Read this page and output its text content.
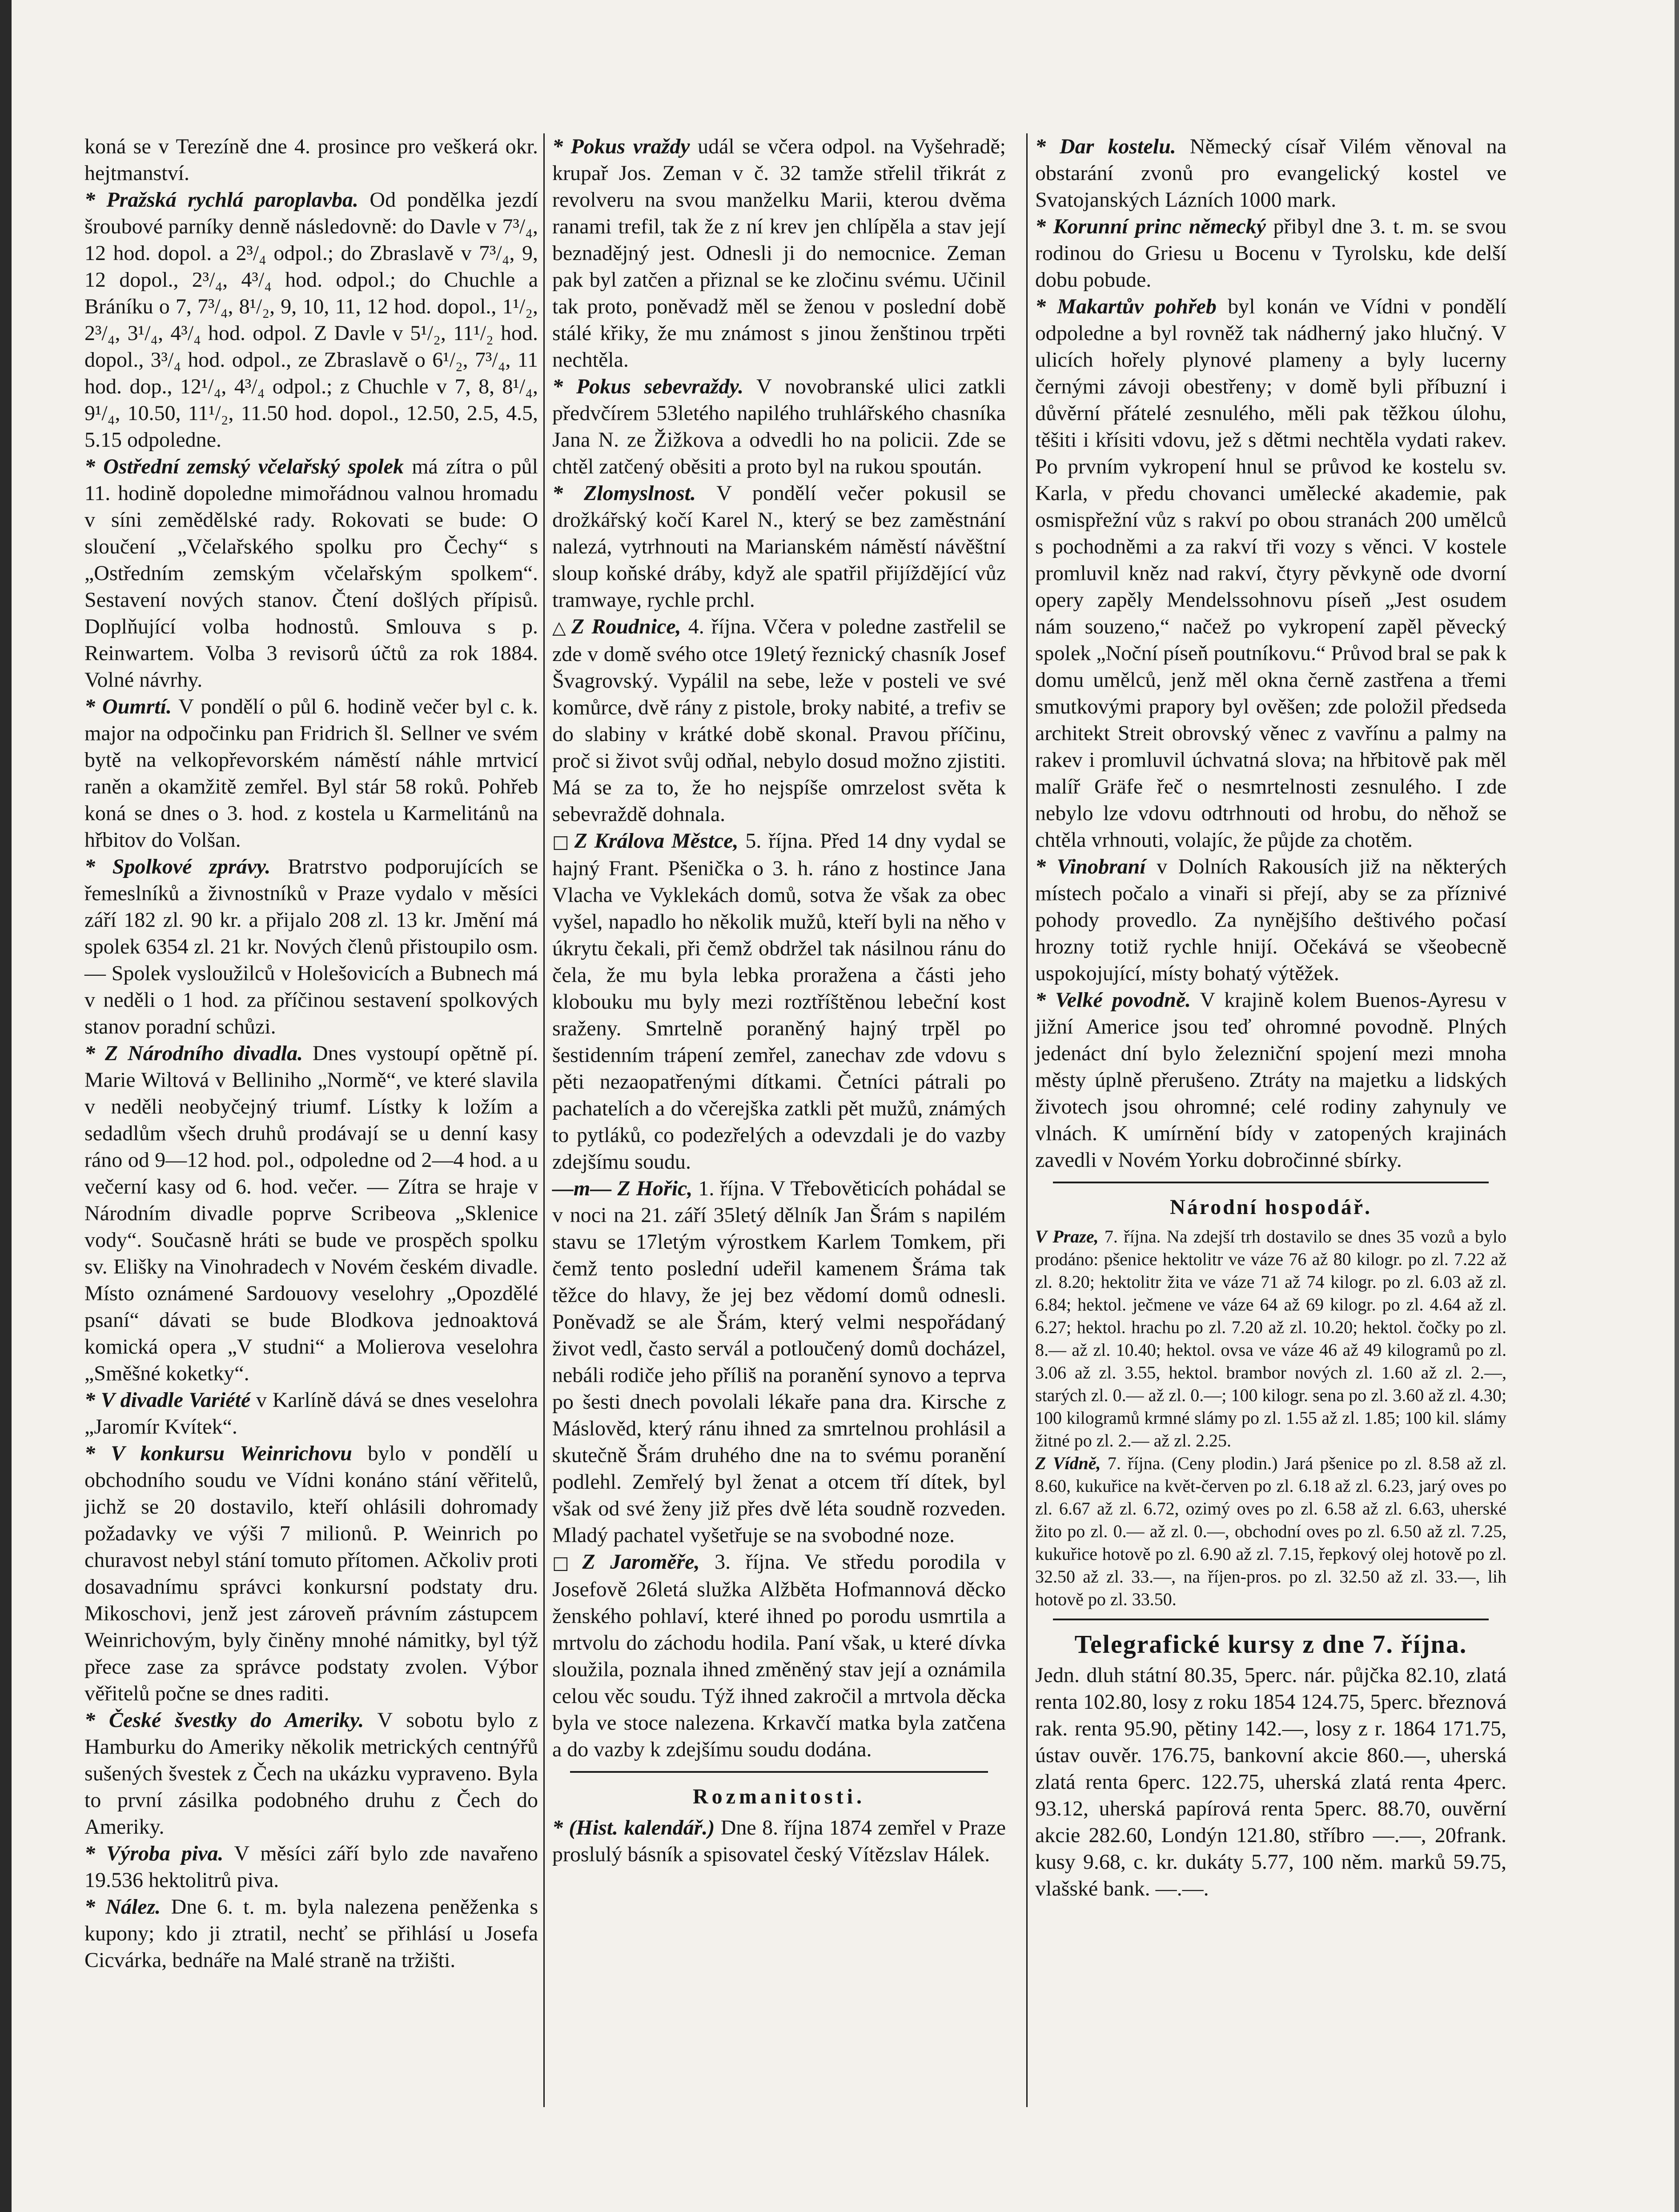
koná se v Terezíně dne 4. prosince pro veškerá okr. hejtmanství.

* Pražská rychlá paroplavba. Od pondělka jezdí šroubové parníky denně následovně: do Davle v 7³/₄, 12 hod. dopol. a 2³/₄ odpol.; do Zbraslavě v 7³/₄, 9, 12 dopol., 2³/₄, 4³/₄ hod. odpol.; do Chuchle a Bráníku o 7, 7³/₄, 8¹/₂, 9, 10, 11, 12 hod. dopol., 1¹/₂, 2³/₄, 3¹/₄, 4³/₄ hod. odpol. Z Davle v 5¹/₂, 11¹/₂ hod. dopol., 3³/₄ hod. odpol., ze Zbraslavě o 6¹/₂, 7³/₄, 11 hod. dop., 12¹/₄, 4³/₄ odpol.; z Chuchle v 7, 8, 8¹/₄, 9¹/₄, 10.50, 11¹/₂, 11.50 hod. dopol., 12.50, 2.5, 4.5, 5.15 odpoledne.

* Ostřední zemský včelařský spolek má zítra o půl 11. hodině dopoledne mimořádnou valnou hromadu v síni zemědělské rady. Rokovati se bude: O sloučení „Včelařského spolku pro Čechy“ s „Ostředním zemským včelařským spolkem“. Sestavení nových stanov. Čtení došlých přípisů. Doplňující volba hodnostů. Smlouva s p. Reinwartem. Volba 3 revisorů účtů za rok 1884. Volné návrhy.

* Oumrtí. V pondělí o půl 6. hodině večer byl c. k. major na odpočinku pan Fridrich šl. Sellner ve svém bytě na velkopřevorském náměstí náhle mrtvicí raněn a okamžitě zemřel. Byl stár 58 roků. Pohřeb koná se dnes o 3. hod. z kostela u Karmelitánů na hřbitov do Volšan.

* Spolkové zprávy. Bratrstvo podporujících se řemeslníků a živnostníků v Praze vydalo v měsíci září 182 zl. 90 kr. a přijalo 208 zl. 13 kr. Jmění má spolek 6354 zl. 21 kr. Nových členů přistoupilo osm. — Spolek vysloužilců v Holešovicích a Bubnech má v neděli o 1 hod. za příčinou sestavení spolkových stanov poradní schůzi.

* Z Národního divadla. Dnes vystoupí opětně pí. Marie Wiltová v Belliniho „Normě“, ve které slavila v neděli neobyčejný triumf. Lístky k ložím a sedadlům všech druhů prodávají se u denní kasy ráno od 9—12 hod. pol., odpoledne od 2—4 hod. a u večerní kasy od 6. hod. večer. — Zítra se hraje v Národním divadle poprve Scribeova „Sklenice vody“. Současně hráti se bude ve prospěch spolku sv. Elišky na Vinohradech v Novém českém divadle. Místo oznámené Sardouovy veselohry „Opozdělé psaní“ dávati se bude Blodkova jednoaktová komická opera „V studni“ a Molierova veselohra „Směšné koketky“.

* V divadle Variété v Karlíně dává se dnes veselohra „Jaromír Kvítek“.

* V konkursu Weinrichovu bylo v pondělí u obchodního soudu ve Vídni konáno stání věřitelů, jichž se 20 dostavilo, kteří ohlásili dohromady požadavky ve výši 7 milionů. P. Weinrich po churavost nebyl stání tomuto přítomen. Ačkoliv proti dosavadnímu správci konkursní podstaty dru. Mikoschovi, jenž jest zároveň právním zástupcem Weinrichovým, byly činěny mnohé námitky, byl týž přece zase za správce podstaty zvolen. Výbor věřitelů počne se dnes raditi.

* České švestky do Ameriky. V sobotu bylo z Hamburku do Ameriky několik metrických centnýřů sušených švestek z Čech na ukázku vypraveno. Byla to první zásilka podobného druhu z Čech do Ameriky.

* Výroba piva. V měsíci září bylo zde navařeno 19.536 hektolitrů piva.

* Nález. Dne 6. t. m. byla nalezena peněženka s kupony; kdo ji ztratil, nechť se přihlásí u Josefa Cicvárka, bednáře na Malé straně na tržišti.

* Pokus vraždy udál se včera odpol. na Vyšehradě; krupař Jos. Zeman v č. 32 tamže střelil třikrát z revolveru na svou manželku Marii, kterou dvěma ranami trefil, tak že z ní krev jen chlípěla a stav její beznadějný jest. Odnesli ji do nemocnice. Zeman pak byl zatčen a přiznal se ke zločinu svému. Učinil tak proto, poněvadž měl se ženou v poslední době stálé křiky, že mu známost s jinou ženštinou trpěti nechtěla.

* Pokus sebevraždy. V novobranské ulici zatkli předvčírem 53letého napilého truhlářského chasníka Jana N. ze Žižkova a odvedli ho na policii. Zde se chtěl zatčený oběsiti a proto byl na rukou spoután.

* Zlomyslnost. V pondělí večer pokusil se drožkářský kočí Karel N., který se bez zaměstnání nalezá, vytrhnouti na Marianském náměstí návěštní sloup koňské dráby, když ale spatřil přijíždějící vůz tramwaye, rychle prchl.

△ Z Roudnice, 4. října. Včera v poledne zastřelil se zde v domě svého otce 19letý řeznický chasník Josef Švagrovský. Vypálil na sebe, leže v posteli ve své komůrce, dvě rány z pistole, broky nabité, a trefiv se do slabiny v krátké době skonal. Pravou příčinu, proč si život svůj odňal, nebylo dosud možno zjistiti. Má se za to, že ho nejspíše omrzelost světa k sebevraždě dohnala.

□ Z Králova Městce, 5. října. Před 14 dny vydal se hajný Frant. Pšenička o 3. h. ráno z hostince Jana Vlacha ve Vyklekách domů, sotva že však za obec vyšel, napadlo ho několik mužů, kteří byli na něho v úkrytu čekali, při čemž obdržel tak násilnou ránu do čela, že mu byla lebka proražena a části jeho klobouku mu byly mezi roztříštěnou lebeční kost sraženy. Smrtelně poraněný hajný trpěl po šestidenním trápení zemřel, zanechav zde vdovu s pěti nezaopatřenými dítkami. Četníci pátrali po pachatelích a do včerejška zatkli pět mužů, známých to pytláků, co podezřelých a odevzdali je do vazby zdejšímu soudu.

—m— Z Hořic, 1. října. V Třebověticích pohádal se v noci na 21. září 35letý dělník Jan Šrám s napilém stavu se 17letým výrostkem Karlem Tomkem, při čemž tento poslední udeřil kamenem Šráma tak těžce do hlavy, že jej bez vědomí domů odnesli. Poněvadž se ale Šrám, který velmi nespořádaný život vedl, často servál a potloučený domů docházel, nebáli rodiče jeho příliš na poranění synovo a teprva po šesti dnech povolali lékaře pana dra. Kirsche z Máslověd, který ránu ihned za smrtelnou prohlásil a skutečně Šrám druhého dne na to svému poranění podlehl. Zemřelý byl ženat a otcem tří dítek, byl však od své ženy již přes dvě léta soudně rozveden. Mladý pachatel vyšetřuje se na svobodné noze.

□ Z Jaroměře, 3. října. Ve středu porodila v Josefově 26letá služka Alžběta Hofmannová děcko ženského pohlaví, které ihned po porodu usmrtila a mrtvolu do záchodu hodila. Paní však, u které dívka sloužila, poznala ihned změněný stav její a oznámila celou věc soudu. Týž ihned zakročil a mrtvola děcka byla ve stoce nalezena. Krkavčí matka byla zatčena a do vazby k zdejšímu soudu dodána.

Rozmanitosti.

* (Hist. kalendář.) Dne 8. října 1874 zemřel v Praze proslulý básník a spisovatel český Vítězslav Hálek.

* Dar kostelu. Německý císař Vilém věnoval na obstarání zvonů pro evangelický kostel ve Svatojanských Lázních 1000 mark.

* Korunní princ německý přibyl dne 3. t. m. se svou rodinou do Griesu u Bocenu v Tyrolsku, kde delší dobu pobude.

* Makartův pohřeb byl konán ve Vídni v pondělí odpoledne a byl rovněž tak nádherný jako hlučný. V ulicích hořely plynové plameny a byly lucerny černými závoji obestřeny; v domě byli příbuzní i důvěrní přátelé zesnulého, měli pak těžkou úlohu, těšiti i křísiti vdovu, jež s dětmi nechtěla vydati rakev. Po prvním vykropení hnul se průvod ke kostelu sv. Karla, v předu chovanci umělecké akademie, pak osmispřežní vůz s rakví po obou stranách 200 umělců s pochodněmi a za rakví tři vozy s věnci. V kostele promluvil kněz nad rakví, čtyry pěvkyně ode dvorní opery zapěly Mendelssohnovu píseň „Jest osudem nám souzeno,“ načež po vykropení zapěl pěvecký spolek „Noční píseň poutníkovu.“ Průvod bral se pak k domu umělců, jenž měl okna černě zastřena a třemi smutkovými prapory byl ověšen; zde položil předseda architekt Streit obrovský věnec z vavřínu a palmy na rakev i promluvil úchvatná slova; na hřbitově pak měl malíř Gräfe řeč o nesmrtelnosti zesnulého. I zde nebylo lze vdovu odtrhnouti od hrobu, do něhož se chtěla vrhnouti, volajíc, že půjde za chotěm.

* Vinobraní v Dolních Rakousích již na některých místech počalo a vinaři si přejí, aby se za příznivé pohody provedlo. Za nynějšího deštivého počasí hrozny totiž rychle hnijí. Očekává se všeobecně uspokojující, místy bohatý výtěžek.

* Velké povodně. V krajině kolem Buenos-Ayresu v jižní Americe jsou teď ohromné povodně. Plných jedenáct dní bylo železniční spojení mezi mnoha městy úplně přerušeno. Ztráty na majetku a lidských životech jsou ohromné; celé rodiny zahynuly ve vlnách. K umírnění bídy v zatopených krajinách zavedli v Novém Yorku dobročinné sbírky.

Národní hospodář.

V Praze, 7. října. Na zdejší trh dostavilo se dnes 35 vozů a bylo prodáno: pšenice hektolitr ve váze 76 až 80 kilogr. po zl. 7.22 až zl. 8.20; hektolitr žita ve váze 71 až 74 kilogr. po zl. 6.03 až zl. 6.84; hektol. ječmene ve váze 64 až 69 kilogr. po zl. 4.64 až zl. 6.27; hektol. hrachu po zl. 7.20 až zl. 10.20; hektol. čočky po zl. 8.— až zl. 10.40; hektol. ovsa ve váze 46 až 49 kilogramů po zl. 3.06 až zl. 3.55, hektol. brambor nových zl. 1.60 až zl. 2.—, starých zl. 0.— až zl. 0.—; 100 kilogr. sena po zl. 3.60 až zl. 4.30; 100 kilogramů krmné slámy po zl. 1.55 až zl. 1.85; 100 kil. slámy žitné po zl. 2.— až zl. 2.25.

Z Vídně, 7. října. (Ceny plodin.) Jará pšenice po zl. 8.58 až zl. 8.60, kukuřice na květ-červen po zl. 6.18 až zl. 6.23, jarý oves po zl. 6.67 až zl. 6.72, ozimý oves po zl. 6.58 až zl. 6.63, uherské žito po zl. 0.— až zl. 0.—, obchodní oves po zl. 6.50 až zl. 7.25, kukuřice hotově po zl. 6.90 až zl. 7.15, řepkový olej hotově po zl. 32.50 až zl. 33.—, na říjen-pros. po zl. 32.50 až zl. 33.—, lih hotově po zl. 33.50.

Telegrafické kursy z dne 7. října.

Jedn. dluh státní 80.35, 5perc. nár. půjčka 82.10, zlatá renta 102.80, losy z roku 1854 124.75, 5perc. březnová rak. renta 95.90, pětiny 142.—, losy z r. 1864 171.75, ústav ouvěr. 176.75, bankovní akcie 860.—, uherská zlatá renta 6perc. 122.75, uherská zlatá renta 4perc. 93.12, uherská papírová renta 5perc. 88.70, ouvěrní akcie 282.60, Londýn 121.80, stříbro —.—, 20frank. kusy 9.68, c. kr. dukáty 5.77, 100 něm. marků 59.75, vlašské bank. —.—.
